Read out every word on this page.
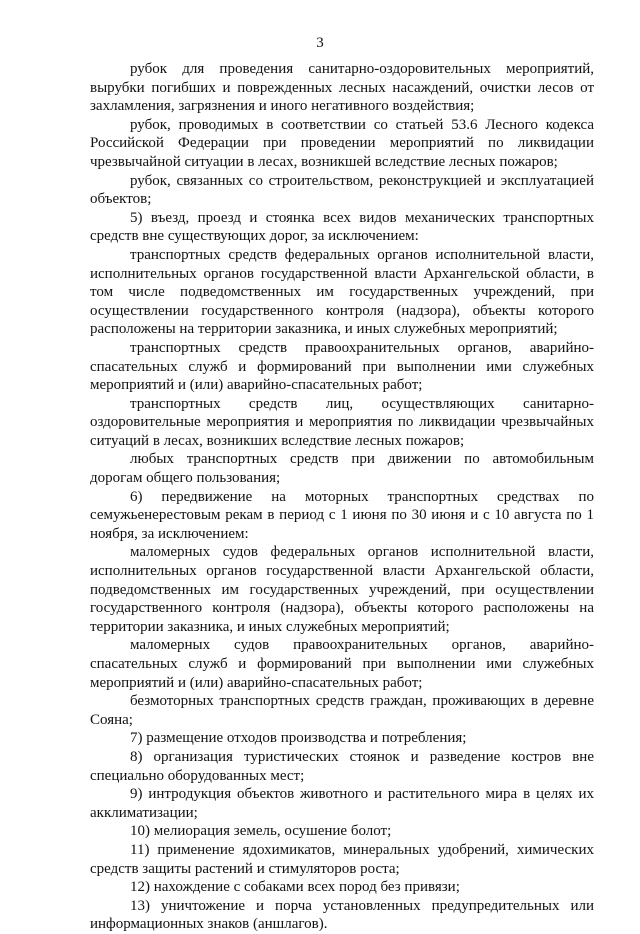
3

рубок для проведения санитарно-оздоровительных мероприятий, вырубки погибших и поврежденных лесных насаждений, очистки лесов от захламления, загрязнения и иного негативного воздействия;

рубок, проводимых в соответствии со статьей 53.6 Лесного кодекса Российской Федерации при проведении мероприятий по ликвидации чрезвычайной ситуации в лесах, возникшей вследствие лесных пожаров;

рубок, связанных со строительством, реконструкцией и эксплуатацией объектов;

5) въезд, проезд и стоянка всех видов механических транспортных средств вне существующих дорог, за исключением:

транспортных средств федеральных органов исполнительной власти, исполнительных органов государственной власти Архангельской области, в том числе подведомственных им государственных учреждений, при осуществлении государственного контроля (надзора), объекты которого расположены на территории заказника, и иных служебных мероприятий;

транспортных средств правоохранительных органов, аварийно-спасательных служб и формирований при выполнении ими служебных мероприятий и (или) аварийно-спасательных работ;

транспортных средств лиц, осуществляющих санитарно-оздоровительные мероприятия и мероприятия по ликвидации чрезвычайных ситуаций в лесах, возникших вследствие лесных пожаров;

любых транспортных средств при движении по автомобильным дорогам общего пользования;

6) передвижение на моторных транспортных средствах по семужьенерестовым рекам в период с 1 июня по 30 июня и с 10 августа по 1 ноября, за исключением:

маломерных судов федеральных органов исполнительной власти, исполнительных органов государственной власти Архангельской области, подведомственных им государственных учреждений, при осуществлении государственного контроля (надзора), объекты которого расположены на территории заказника, и иных служебных мероприятий;

маломерных судов правоохранительных органов, аварийно-спасательных служб и формирований при выполнении ими служебных мероприятий и (или) аварийно-спасательных работ;

безмоторных транспортных средств граждан, проживающих в деревне Сояна;

7) размещение отходов производства и потребления;

8) организация туристических стоянок и разведение костров вне специально оборудованных мест;

9) интродукция объектов животного и растительного мира в целях их акклиматизации;

10) мелиорация земель, осушение болот;

11) применение ядохимикатов, минеральных удобрений, химических средств защиты растений и стимуляторов роста;

12) нахождение с собаками всех пород без привязи;

13) уничтожение и порча установленных предупредительных или информационных знаков (аншлагов).
